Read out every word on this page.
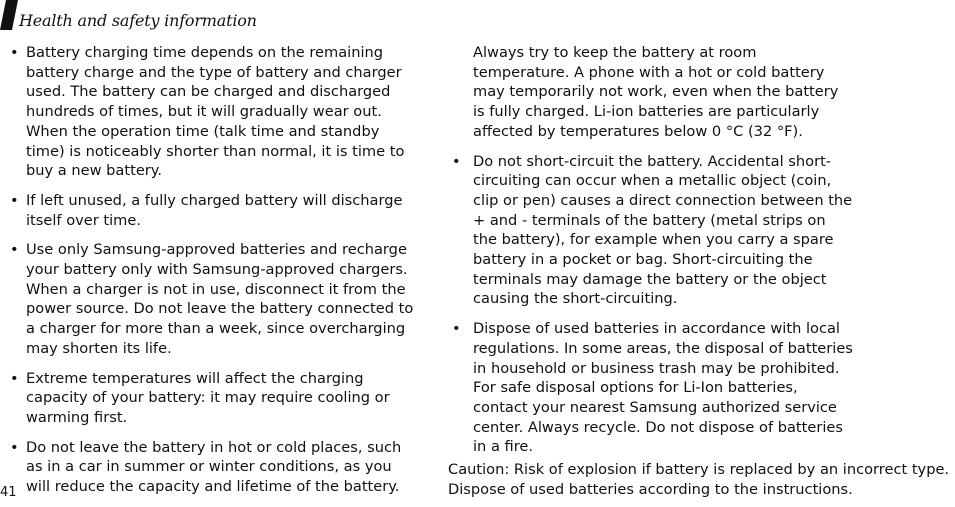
Health and safety information
• Battery charging time depends on the remaining battery charge and the type of battery and charger used. The battery can be charged and discharged hundreds of times, but it will gradually wear out. When the operation time (talk time and standby time) is noticeably shorter than normal, it is time to buy a new battery.
• If left unused, a fully charged battery will discharge itself over time.
• Use only Samsung-approved batteries and recharge your battery only with Samsung-approved chargers. When a charger is not in use, disconnect it from the power source. Do not leave the battery connected to a charger for more than a week, since overcharging may shorten its life.
• Extreme temperatures will affect the charging capacity of your battery: it may require cooling or warming first.
• Do not leave the battery in hot or cold places, such as in a car in summer or winter conditions, as you will reduce the capacity and lifetime of the battery.
Always try to keep the battery at room temperature. A phone with a hot or cold battery may temporarily not work, even when the battery is fully charged. Li-ion batteries are particularly affected by temperatures below 0 °C (32 °F).
• Do not short-circuit the battery. Accidental short-circuiting can occur when a metallic object (coin, clip or pen) causes a direct connection between the + and - terminals of the battery (metal strips on the battery), for example when you carry a spare battery in a pocket or bag. Short-circuiting the terminals may damage the battery or the object causing the short-circuiting.
• Dispose of used batteries in accordance with local regulations. In some areas, the disposal of batteries in household or business trash may be prohibited. For safe disposal options for Li-Ion batteries, contact your nearest Samsung authorized service center. Always recycle. Do not dispose of batteries in a fire.
Caution: Risk of explosion if battery is replaced by an incorrect type.
Dispose of used batteries according to the instructions.
41
